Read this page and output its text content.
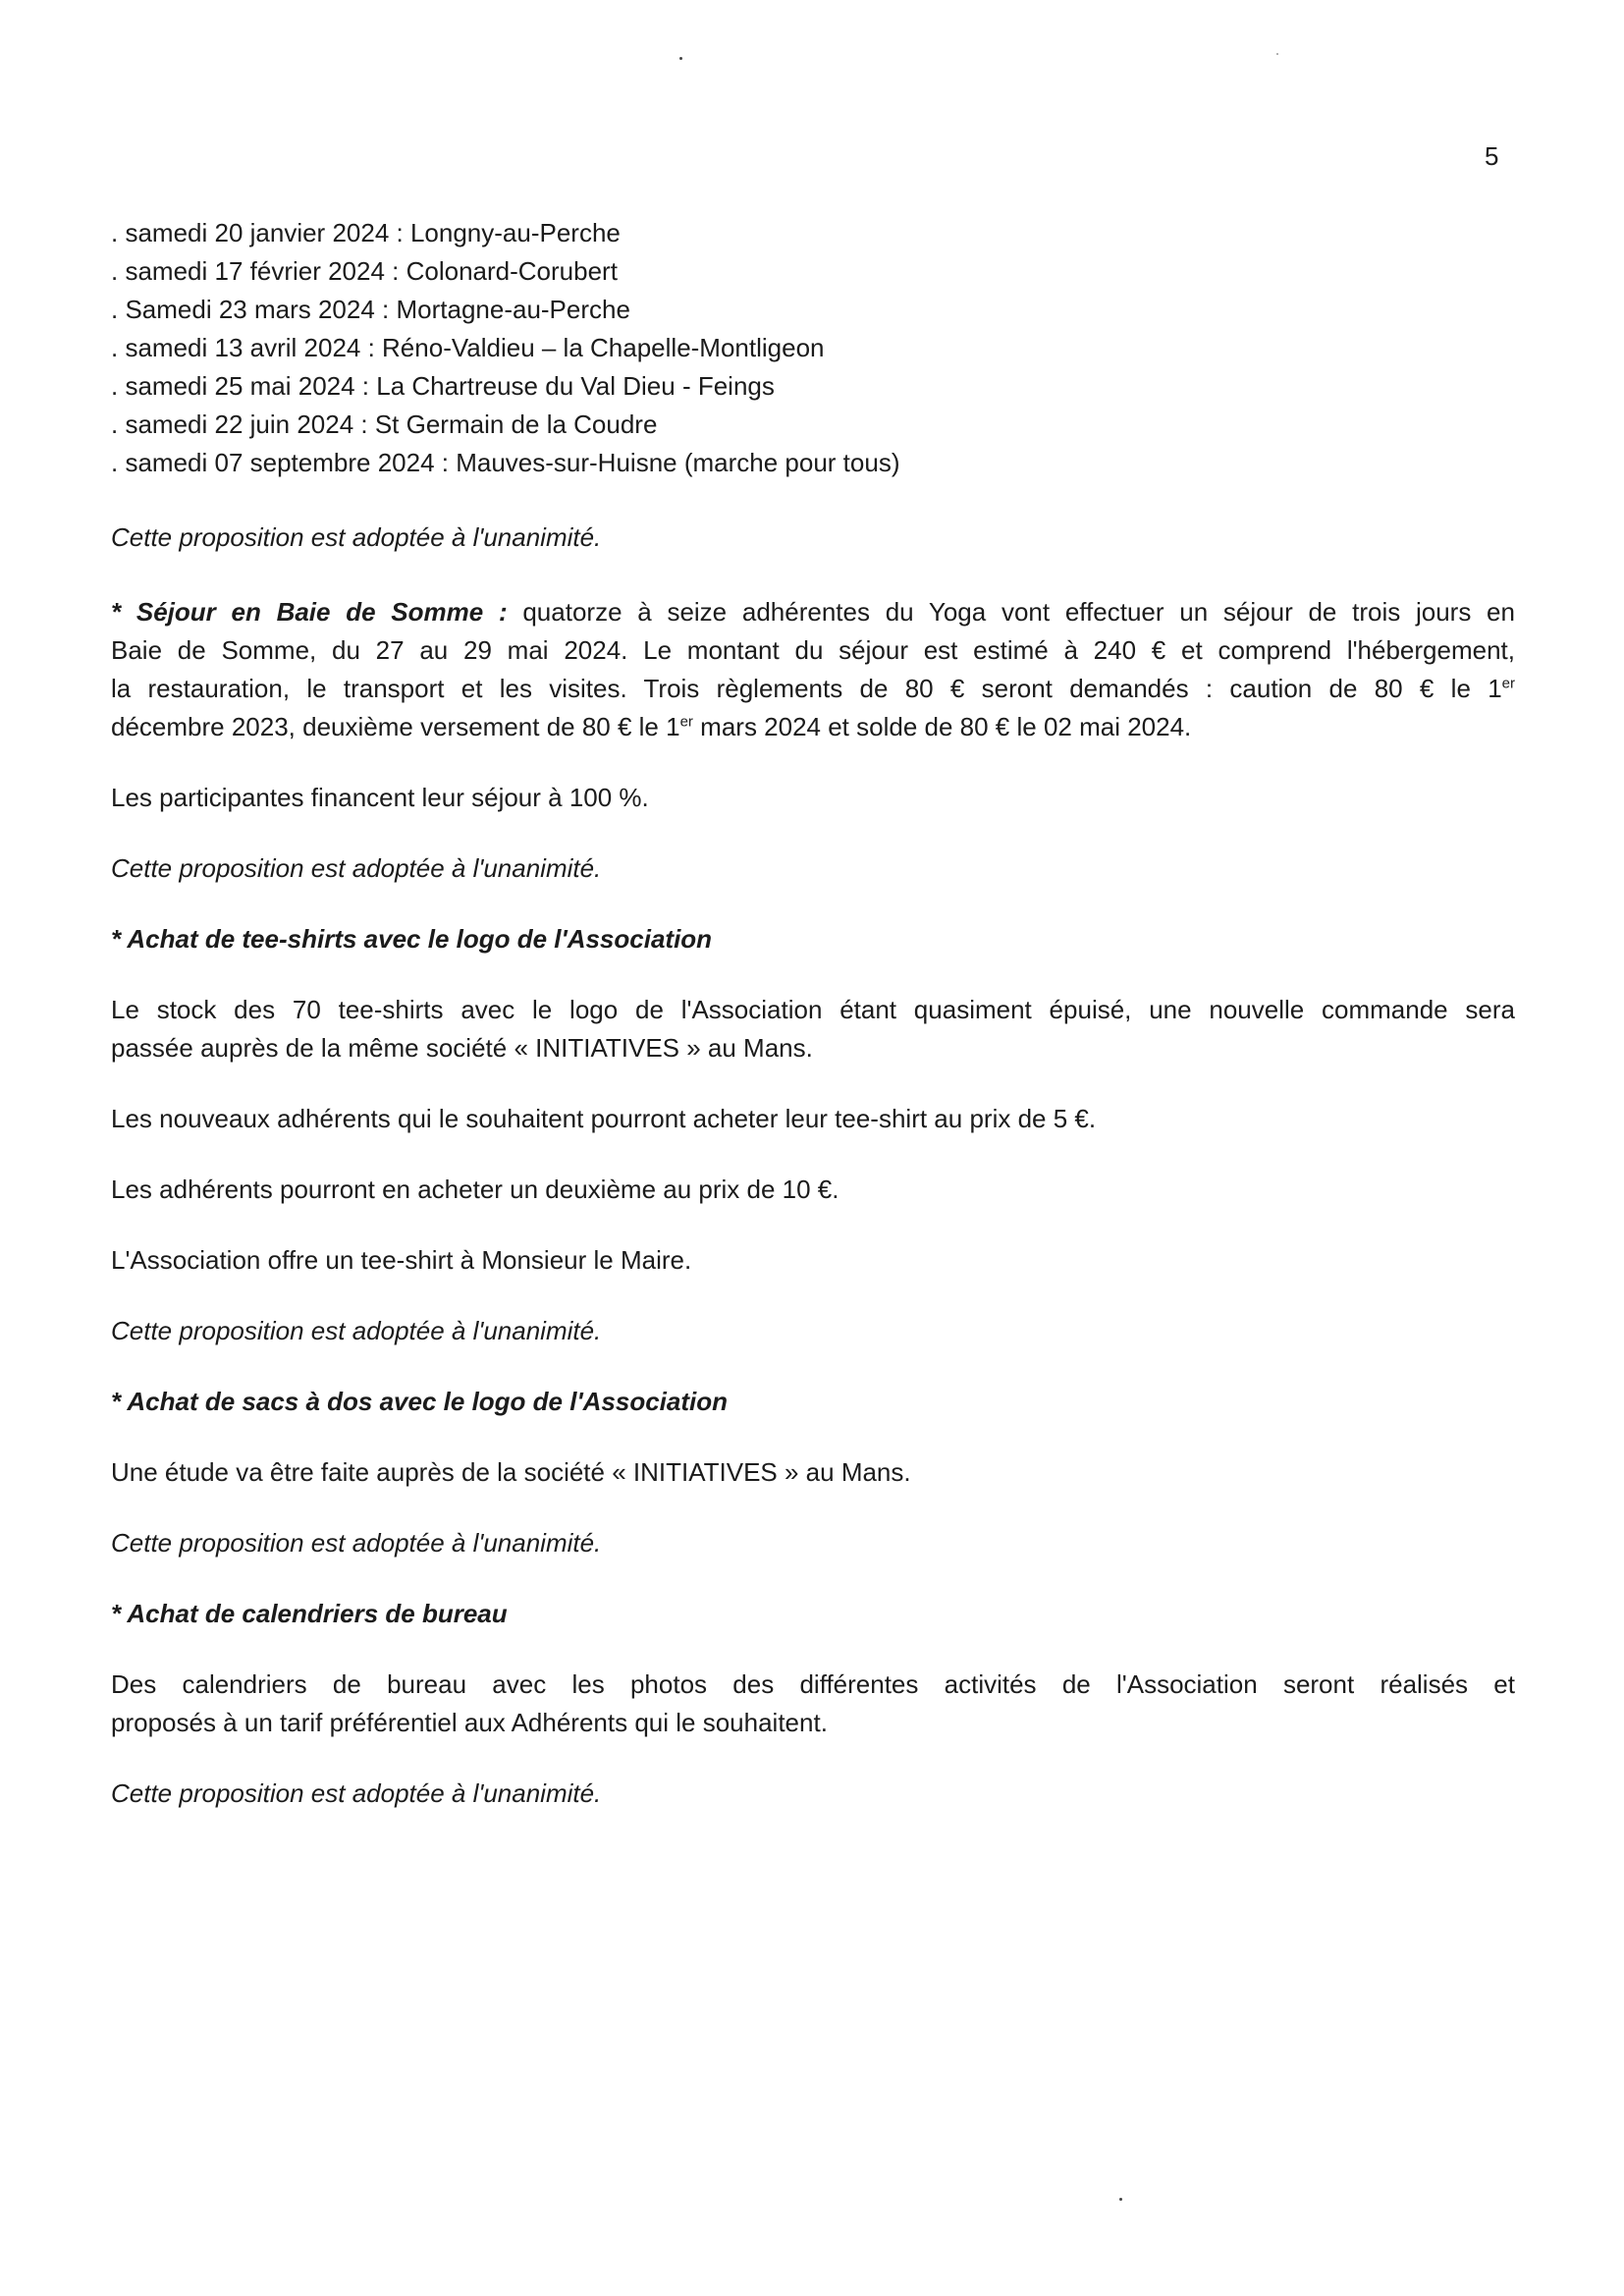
5
. samedi 20 janvier 2024 : Longny-au-Perche
. samedi 17 février 2024 : Colonard-Corubert
. Samedi 23 mars 2024 : Mortagne-au-Perche
. samedi 13 avril 2024 : Réno-Valdieu – la Chapelle-Montligeon
. samedi 25 mai 2024 : La Chartreuse du Val Dieu - Feings
. samedi 22 juin 2024 : St Germain de la Coudre
. samedi 07 septembre 2024 : Mauves-sur-Huisne (marche pour tous)

Cette proposition est adoptée à l'unanimité.

* Séjour en Baie de Somme : quatorze à seize adhérentes du Yoga vont effectuer un séjour de trois jours en

Baie de Somme, du 27 au 29 mai 2024. Le montant du séjour est estimé à 240 € et comprend l'hébergement,

la restauration, le transport et les visites. Trois règlements de 80 € seront demandés : caution de 80 € le 1er

décembre 2023, deuxième versement de 80 € le 1er mars 2024 et solde de 80 € le 02 mai 2024.

Les participantes financent leur séjour à 100 %.

Cette proposition est adoptée à l'unanimité.

* Achat de tee-shirts avec le logo de l'Association

Le stock des 70 tee-shirts avec le logo de l'Association étant quasiment épuisé, une nouvelle commande sera

passée auprès de la même société « INITIATIVES » au Mans.

Les nouveaux adhérents qui le souhaitent pourront acheter leur tee-shirt au prix de 5 €.

Les adhérents pourront en acheter un deuxième au prix de 10 €.

L'Association offre un tee-shirt à Monsieur le Maire.

Cette proposition est adoptée à l'unanimité.

* Achat de sacs à dos avec le logo de l'Association

Une étude va être faite auprès de la société « INITIATIVES » au Mans.

Cette proposition est adoptée à l'unanimité.

* Achat de calendriers de bureau

Des calendriers de bureau avec les photos des différentes activités de l'Association seront réalisés et

proposés à un tarif préférentiel aux Adhérents qui le souhaitent.

Cette proposition est adoptée à l'unanimité.
